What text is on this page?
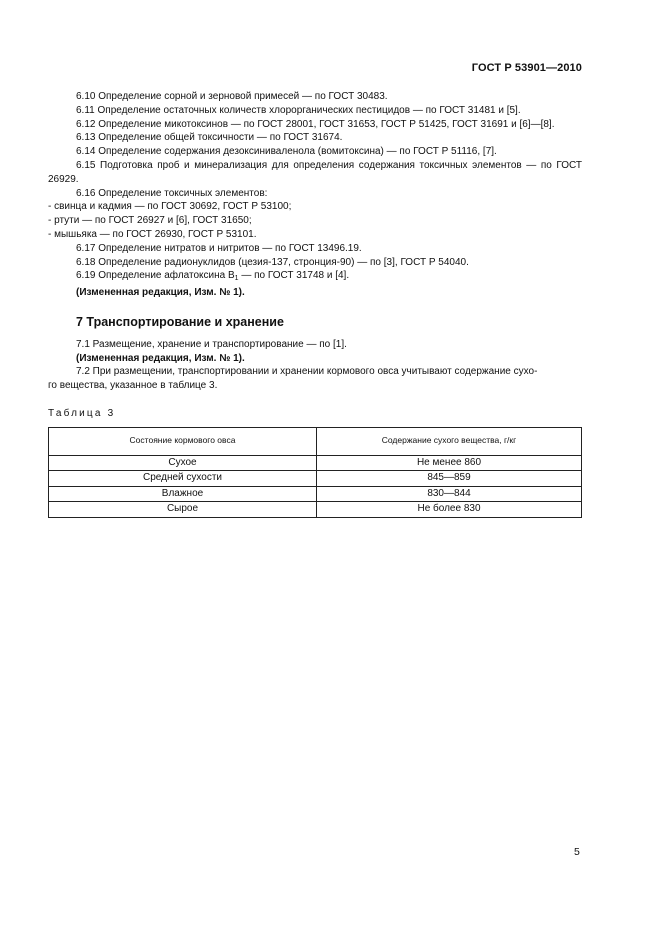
ГОСТ Р 53901—2010

6.10 Определение сорной и зерновой примесей — по ГОСТ 30483.

6.11 Определение остаточных количеств хлорорганических пестицидов — по ГОСТ 31481 и [5].

6.12 Определение микотоксинов — по ГОСТ 28001, ГОСТ 31653, ГОСТ Р 51425, ГОСТ 31691 и [6]—[8].

6.13 Определение общей токсичности — по ГОСТ 31674.

6.14 Определение содержания дезоксиниваленола (вомитоксина) — по ГОСТ Р 51116, [7].

6.15 Подготовка проб и минерализация для определения содержания токсичных элементов — по ГОСТ 26929.

6.16 Определение токсичных элементов:

- свинца и кадмия — по ГОСТ 30692, ГОСТ Р 53100;

- ртути — по ГОСТ 26927 и [6], ГОСТ 31650;

- мышьяка — по ГОСТ 26930, ГОСТ Р 53101.

6.17 Определение нитратов и нитритов — по ГОСТ 13496.19.

6.18 Определение радионуклидов (цезия-137, стронция-90) — по [3], ГОСТ Р 54040.

6.19 Определение афлатоксина $В_1$ — по ГОСТ 31748 и [4].

(Измененная редакция, Изм. № 1).

7 Транспортирование и хранение

7.1 Размещение, хранение и транспортирование — по [1].

(Измененная редакция, Изм. № 1).

7.2 При размещении, транспортировании и хранении кормового овса учитывают содержание сухо-

го вещества, указанное в таблице 3.

Таблица 3
Состояние кормового овса	Содержание сухого вещества, г/кг
Сухое	Не менее 860
Средней сухости	845—859
Влажное	830—844
Сырое	Не более 830
5
